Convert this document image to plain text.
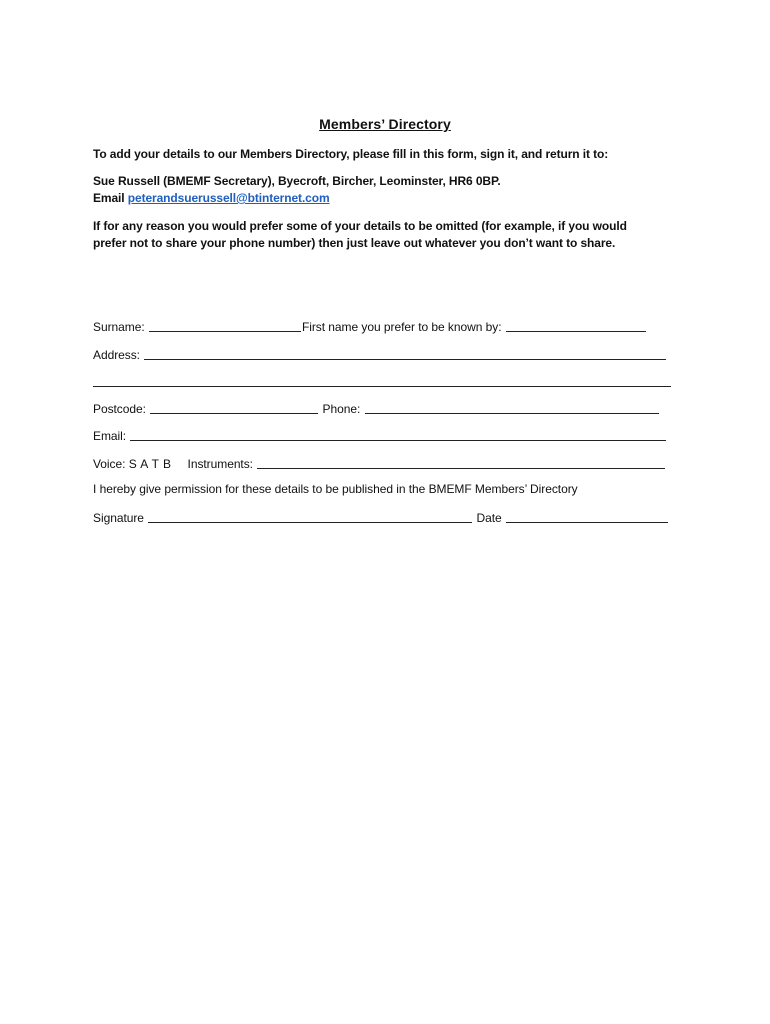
Members’ Directory
To add your details to our Members Directory, please fill in this form, sign it, and return it to:
Sue Russell (BMEMF Secretary), Byecroft, Bircher, Leominster, HR6 0BP.
Email peterandsuerussell@btinternet.com
If for any reason you would prefer some of your details to be omitted (for example, if you would
prefer not to share your phone number) then just leave out whatever you don’t want to share.
Surname:	First name you prefer to be known by:
Address:
Postcode:	Phone:
Email:
Voice: S A T B Instruments:
I hereby give permission for these details to be published in the BMEMF Members’ Directory
Signature	Date
